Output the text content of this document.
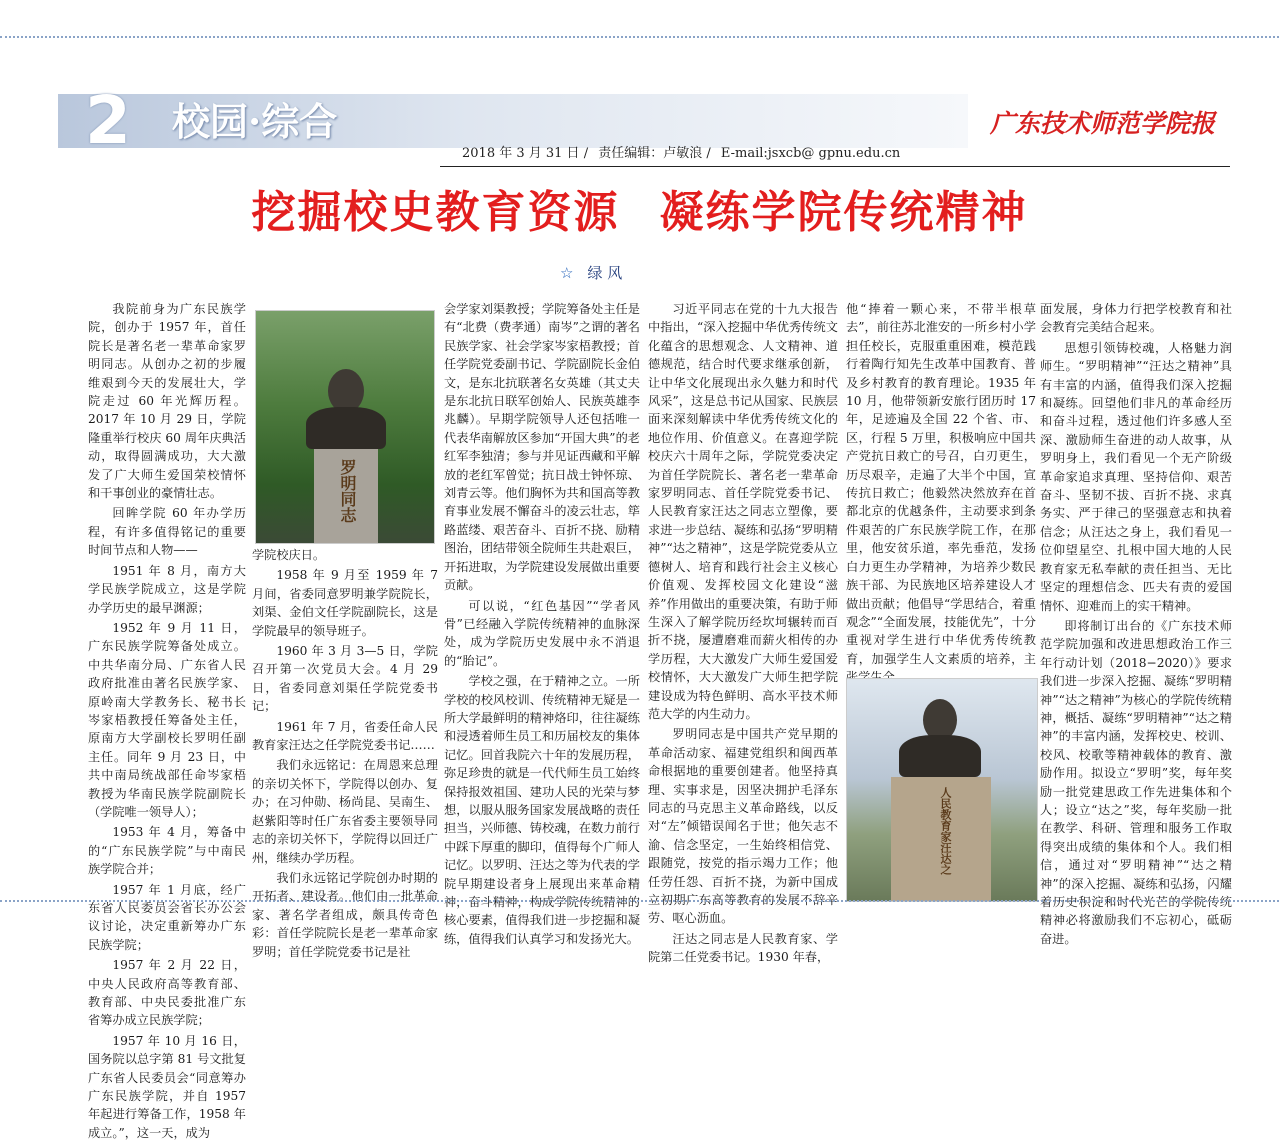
2	校园·综合	广东技术师范学院报
2018 年 3 月 31 日 / 责任编辑：卢敏浪 / E-mail:jsxcb@ gpnu.edu.cn
挖掘校史教育资源 凝练学院传统精神
☆ 绿 风

我院前身为广东民族学院，创办于 1957 年，首任院长是著名老一辈革命家罗明同志。从创办之初的步履维艰到今天的发展壮大，学院走过 60 年光辉历程。2017 年 10 月 29 日，学院隆重举行校庆 60 周年庆典活动，取得圆满成功，大大激发了广大师生爱国荣校情怀和干事创业的豪情壮志。

回眸学院 60 年办学历程，有许多值得铭记的重要时间节点和人物——

1951 年 8 月，南方大学民族学院成立，这是学院办学历史的最早渊源；

1952 年 9 月 11 日，广东民族学院筹备处成立。中共华南分局、广东省人民政府批准由著名民族学家、原岭南大学教务长、秘书长岑家梧教授任筹备处主任，原南方大学副校长罗明任副主任。同年 9 月 23 日，中共中南局统战部任命岑家梧教授为华南民族学院副院长（学院唯一领导人）；

1953 年 4 月，筹备中的“广东民族学院”与中南民族学院合并；

1957 年 1 月底，经广东省人民委员会省长办公会议讨论，决定重新筹办广东民族学院；

1957 年 2 月 22 日，中央人民政府高等教育部、教育部、中央民委批准广东省筹办成立民族学院；

1957 年 10 月 16 日，国务院以总字第 81 号文批复广东省人民委员会“同意筹办广东民族学院，并自 1957 年起进行筹备工作，1958 年成立。”，这一天，成为

罗明同志

学院校庆日。

1958 年 9 月至 1959 年 7 月间，省委同意罗明兼学院院长，刘渠、金伯文任学院副院长，这是学院最早的领导班子。

1960 年 3 月 3—5 日，学院召开第一次党员大会。4 月 29 日，省委同意刘渠任学院党委书记；

1961 年 7 月，省委任命人民教育家汪达之任学院党委书记……

我们永远铭记：在周恩来总理的亲切关怀下，学院得以创办、复办；在习仲勋、杨尚昆、吴南生、赵紫阳等时任广东省委主要领导同志的亲切关怀下，学院得以回迁广州，继续办学历程。

我们永远铭记学院创办时期的开拓者、建设者。他们由一批革命家、著名学者组成，颇具传奇色彩：首任学院院长是老一辈革命家罗明；首任学院党委书记是社

会学家刘渠教授；学院筹备处主任是有“北费（费孝通）南岑”之谓的著名民族学家、社会学家岑家梧教授；首任学院党委副书记、学院副院长金伯文，是东北抗联著名女英雄（其丈夫是东北抗日联军创始人、民族英雄李兆麟）。早期学院领导人还包括唯一代表华南解放区参加“开国大典”的老红军李独清；参与并见证西藏和平解放的老红军曾觉；抗日战士钟怀琼、刘青云等。他们胸怀为共和国高等教育事业发展不懈奋斗的凌云壮志，筚路蓝缕、艰苦奋斗、百折不挠、励精图治，团结带领全院师生共赴艰巨，开拓进取，为学院建设发展做出重要贡献。

可以说，“红色基因”“学者风骨”已经融入学院传统精神的血脉深处，成为学院历史发展中永不消退的“胎记”。

学校之强，在于精神之立。一所学校的校风校训、传统精神无疑是一所大学最鲜明的精神烙印，往往凝练和浸透着师生员工和历届校友的集体记忆。回首我院六十年的发展历程，弥足珍贵的就是一代代师生员工始终保持报效祖国、建功人民的光荣与梦想，以服从服务国家发展战略的责任担当，兴师德、铸校魂，在数力前行中踩下厚重的脚印，值得每个广师人记忆。以罗明、汪达之等为代表的学院早期建设者身上展现出来革命精神，奋斗精神，构成学院传统精神的核心要素，值得我们进一步挖掘和凝练，值得我们认真学习和发扬光大。

习近平同志在党的十九大报告中指出，“深入挖掘中华优秀传统文化蕴含的思想观念、人文精神、道德规范，结合时代要求继承创新，让中华文化展现出永久魅力和时代风采”，这是总书记从国家、民族层面来深刻解读中华优秀传统文化的地位作用、价值意义。在喜迎学院校庆六十周年之际，学院党委决定为首任学院院长、著名老一辈革命家罗明同志、首任学院党委书记、人民教育家汪达之同志立塑像，要求进一步总结、凝练和弘扬“罗明精神”“达之精神”，这是学院党委从立德树人、培育和践行社会主义核心价值观、发挥校园文化建设“滋养”作用做出的重要决策，有助于师生深入了解学院历经坎坷辗转而百折不挠，屡遭磨难而薪火相传的办学历程，大大激发广大师生爱国爱校情怀，大大激发广大师生把学院建设成为特色鲜明、高水平技术师范大学的内生动力。

罗明同志是中国共产党早期的革命活动家、福建党组织和闽西革命根据地的重要创建者。他坚持真理、实事求是，因坚决拥护毛泽东同志的马克思主义革命路线，以反对“左”倾错误闻名于世；他矢志不渝、信念坚定，一生始终相信党、跟随党，按党的指示竭力工作；他任劳任怨、百折不挠，为新中国成立初期广东高等教育的发展不辞辛劳、呕心沥血。

汪达之同志是人民教育家、学院第二任党委书记。1930 年春，

他“捧着一颗心来，不带半根草去”，前往苏北淮安的一所乡村小学担任校长，克服重重困难，模范践行着陶行知先生改革中国教育、普及乡村教育的教育理论。1935 年 10 月，他带领新安旅行团历时 17 年，足迹遍及全国 22 个省、市、区，行程 5 万里，积极响应中国共产党抗日救亡的号召，白刃更生，历尽艰辛，走遍了大半个中国，宣传抗日救亡；他毅然决然放弃在首都北京的优越条件，主动要求到条件艰苦的广东民族学院工作，在那里，他安贫乐道，率先垂范，发扬白力更生办学精神，为培养少数民族干部、为民族地区培养建设人才做出贡献；他倡导“学思结合，着重观念”“全面发展，技能优先”，十分重视对学生进行中华优秀传统教育，加强学生人文素质的培养，主

人民教育家汪达之

面发展，身体力行把学校教育和社会教育完美结合起来。

思想引领铸校魂，人格魅力润师生。“罗明精神”“汪达之精神”具有丰富的内涵，值得我们深入挖掘和凝练。回望他们非凡的革命经历和奋斗过程，透过他们许多感人至深、激励师生奋进的动人故事，从罗明身上，我们看见一个无产阶级革命家追求真理、坚持信仰、艰苦奋斗、坚韧不拔、百折不挠、求真务实、严于律己的坚强意志和执着信念；从汪达之身上，我们看见一位仰望星空、扎根中国大地的人民教育家无私奉献的责任担当、无比坚定的理想信念、匹夫有责的爱国情怀、迎难而上的实干精神。

即将制订出台的《广东技术师范学院加强和改进思想政治工作三年行动计划（2018−2020）》要求我们进一步深入挖掘、凝练“罗明精神”“达之精神”为核心的学院传统精神，概括、凝练“罗明精神”“达之精神”的丰富内涵，发挥校史、校训、校风、校歌等精神载体的教育、激励作用。拟设立“罗明”奖，每年奖励一批党建思政工作先进集体和个人；设立“达之”奖，每年奖励一批在教学、科研、管理和服务工作取得突出成绩的集体和个人。我们相信，通过对“罗明精神”“达之精神”的深入挖掘、凝练和弘扬，闪耀着历史积淀和时代光芒的学院传统精神必将激励我们不忘初心，砥砺奋进。
